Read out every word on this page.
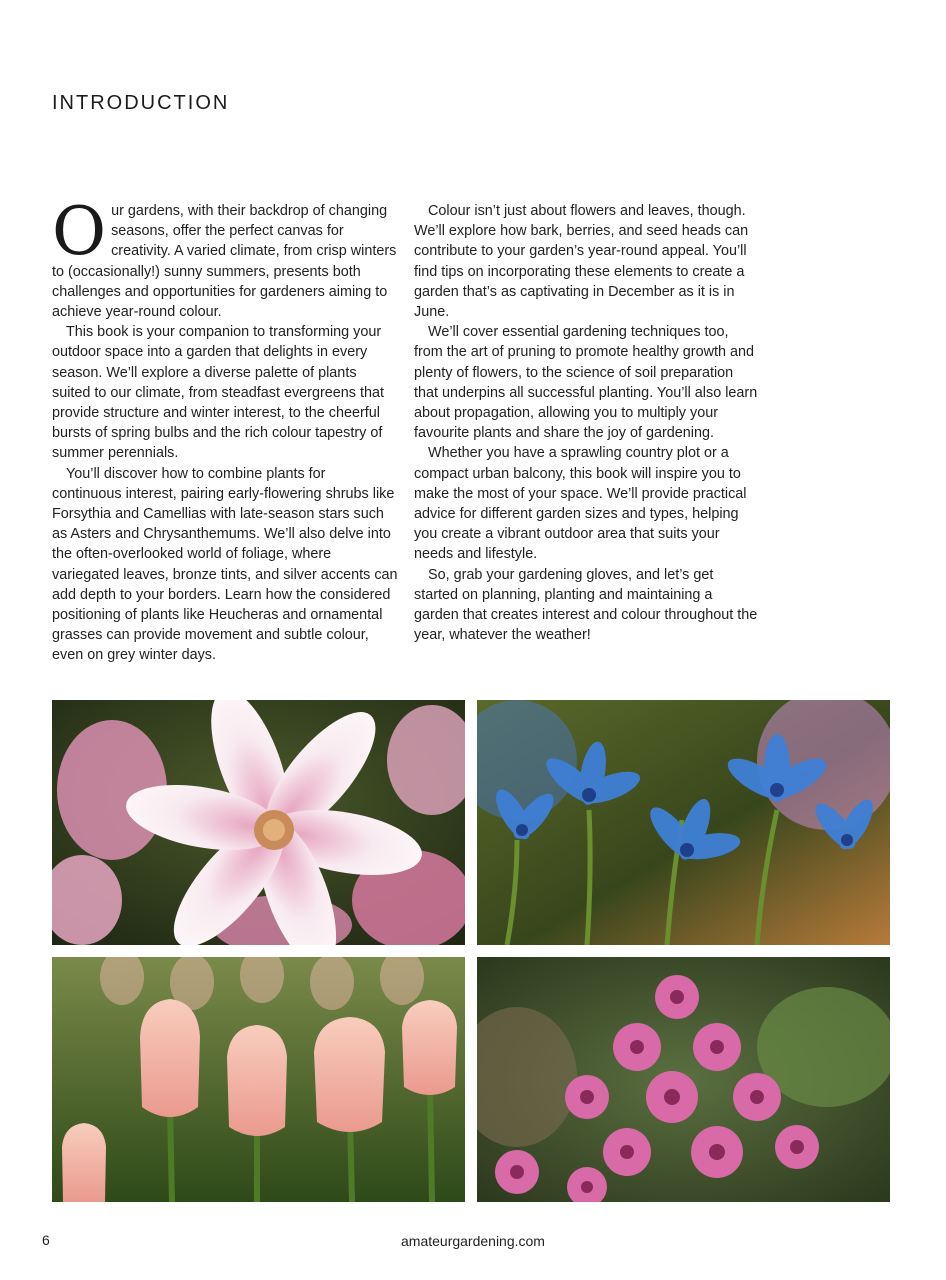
INTRODUCTION

Our gardens, with their backdrop of changing seasons, offer the perfect canvas for creativity. A varied climate, from crisp winters to (occasionally!) sunny summers, presents both challenges and opportunities for gardeners aiming to achieve year-round colour.

This book is your companion to transforming your outdoor space into a garden that delights in every season. We’ll explore a diverse palette of plants suited to our climate, from steadfast evergreens that provide structure and winter interest, to the cheerful bursts of spring bulbs and the rich colour tapestry of summer perennials.

You’ll discover how to combine plants for continuous interest, pairing early-flowering shrubs like Forsythia and Camellias with late-season stars such as Asters and Chrysanthemums. We’ll also delve into the often-overlooked world of foliage, where variegated leaves, bronze tints, and silver accents can add depth to your borders. Learn how the considered positioning of plants like Heucheras and ornamental grasses can provide movement and subtle colour, even on grey winter days.

Colour isn’t just about flowers and leaves, though. We’ll explore how bark, berries, and seed heads can contribute to your garden’s year-round appeal. You’ll find tips on incorporating these elements to create a garden that’s as captivating in December as it is in June.

We’ll cover essential gardening techniques too, from the art of pruning to promote healthy growth and plenty of flowers, to the science of soil preparation that underpins all successful planting. You’ll also learn about propagation, allowing you to multiply your favourite plants and share the joy of gardening.

Whether you have a sprawling country plot or a compact urban balcony, this book will inspire you to make the most of your space. We’ll provide practical advice for different garden sizes and types, helping you create a vibrant outdoor area that suits your needs and lifestyle.

So, grab your gardening gloves, and let’s get started on planning, planting and maintaining a garden that creates interest and colour throughout the year, whatever the weather!

6	amateurgardening.com
